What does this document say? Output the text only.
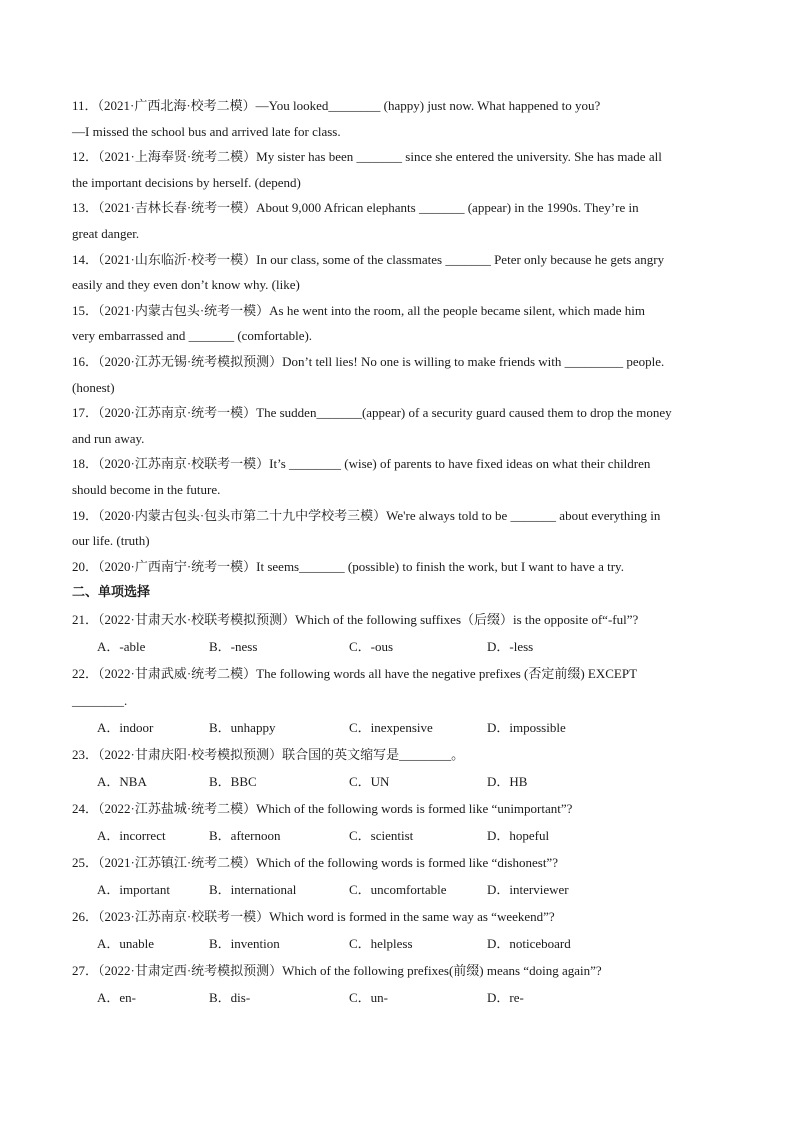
11．（2021·广西北海·校考二模）—You looked________ (happy) just now. What happened to you?
—I missed the school bus and arrived late for class.
12．（2021·上海奉贤·统考二模）My sister has been _______ since she entered the university. She has made all
the important decisions by herself. (depend)
13．（2021·吉林长春·统考一模）About 9,000 African elephants _______ (appear) in the 1990s. They’re in
great danger.
14．（2021·山东临沂·校考一模）In our class, some of the classmates _______ Peter only because he gets angry
easily and they even don’t know why. (like)
15．（2021·内蒙古包头·统考一模）As he went into the room, all the people became silent, which made him
very embarrassed and _______ (comfortable).
16．（2020·江苏无锡·统考模拟预测）Don’t tell lies! No one is willing to make friends with _________ people.
(honest)
17．（2020·江苏南京·统考一模）The sudden_______(appear) of a security guard caused them to drop the money
and run away.
18．（2020·江苏南京·校联考一模）It’s ________ (wise) of parents to have fixed ideas on what their children
should become in the future.
19．（2020·内蒙古包头·包头市第二十九中学校考三模）We're always told to be _______ about everything in
our life. (truth)
20．（2020·广西南宁·统考一模）It seems_______ (possible) to finish the work, but I want to have a try.
二、单项选择
21．（2022·甘肃天水·校联考模拟预测）Which of the following suffixes（后缀）is the opposite of“-ful”?
A．-able	B．-ness	C．-ous	D．-less
22．（2022·甘肃武威·统考二模）The following words all have the negative prefixes (否定前缀) EXCEPT
________.
A．indoor	B．unhappy	C．inexpensive	D．impossible
23．（2022·甘肃庆阳·校考模拟预测）联合国的英文缩写是________。
A．NBA	B．BBC	C．UN	D．HB
24．（2022·江苏盐城·统考二模）Which of the following words is formed like “unimportant”?
A．incorrect	B．afternoon	C．scientist	D．hopeful
25．（2021·江苏镇江·统考二模）Which of the following words is formed like “dishonest”?
A．important	B．international	C．uncomfortable	D．interviewer
26．（2023·江苏南京·校联考一模）Which word is formed in the same way as “weekend”?
A．unable	B．invention	C．helpless	D．noticeboard
27．（2022·甘肃定西·统考模拟预测）Which of the following prefixes(前缀) means “doing again”?
A．en-	B．dis-	C．un-	D．re-
